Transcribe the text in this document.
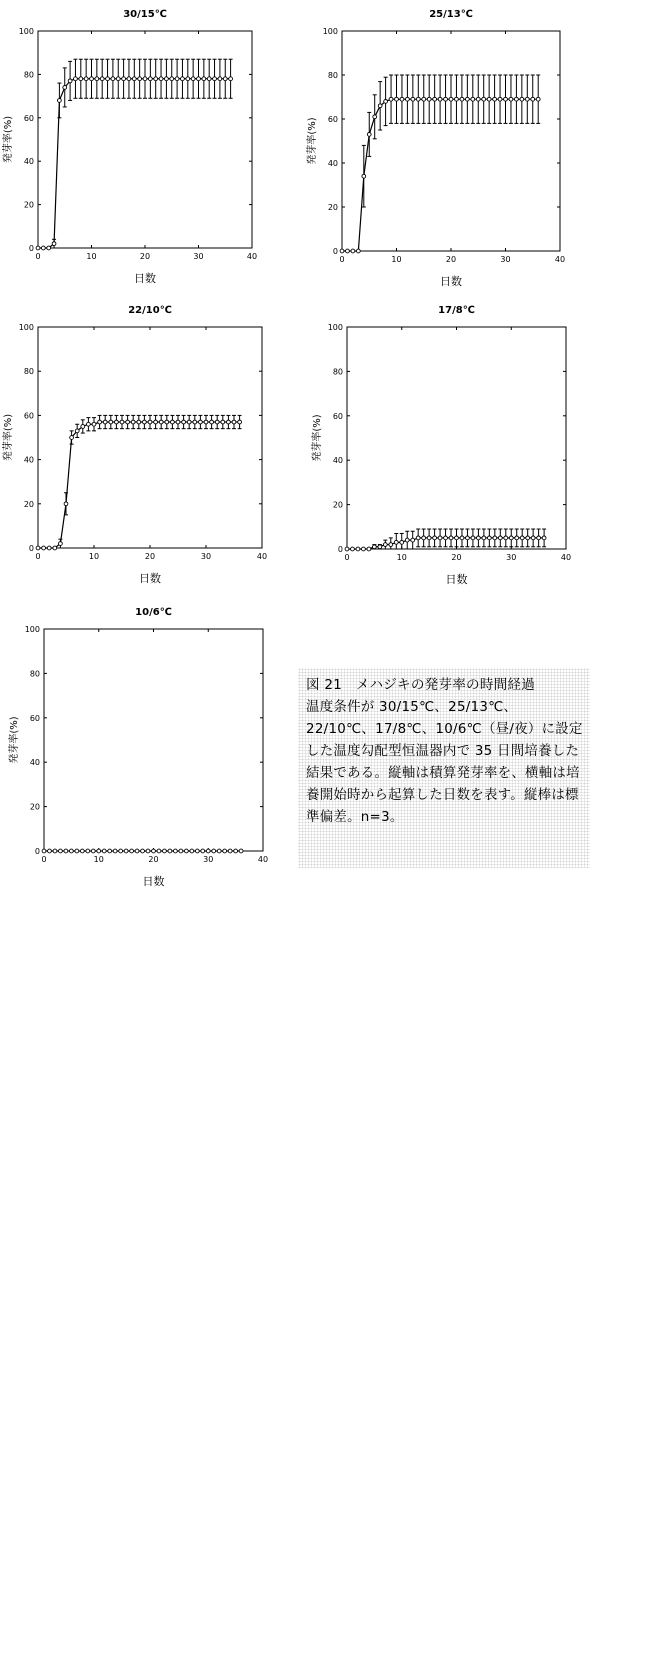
30/15℃
0
20
40
60
80
100
0	10	20	30	40
日数
発芽率(%)
25/13℃
0
20
40
60
80
100
0	10	20	30	40
日数
発芽率(%)
22/10℃
0
20
40
60
80
100
0	10	20	30	40
日数
発芽率(%)
17/8℃
0
20
40
60
80
100
0	10	20	30	40
日数
発芽率(%)
10/6℃
0
20
40
60
80
100
0	10	20	30	40
日数
発芽率(%)
図 21　メハジキの発芽率の時間経過
温度条件が 30/15℃、25/13℃、22/10℃、17/8℃、10/6℃（昼/夜）に設定した温度勾配型恒温器内で 35 日間培養した結果である。縦軸は積算発芽率を、横軸は培養開始時から起算した日数を表す。縦棒は標準偏差。n=3。
